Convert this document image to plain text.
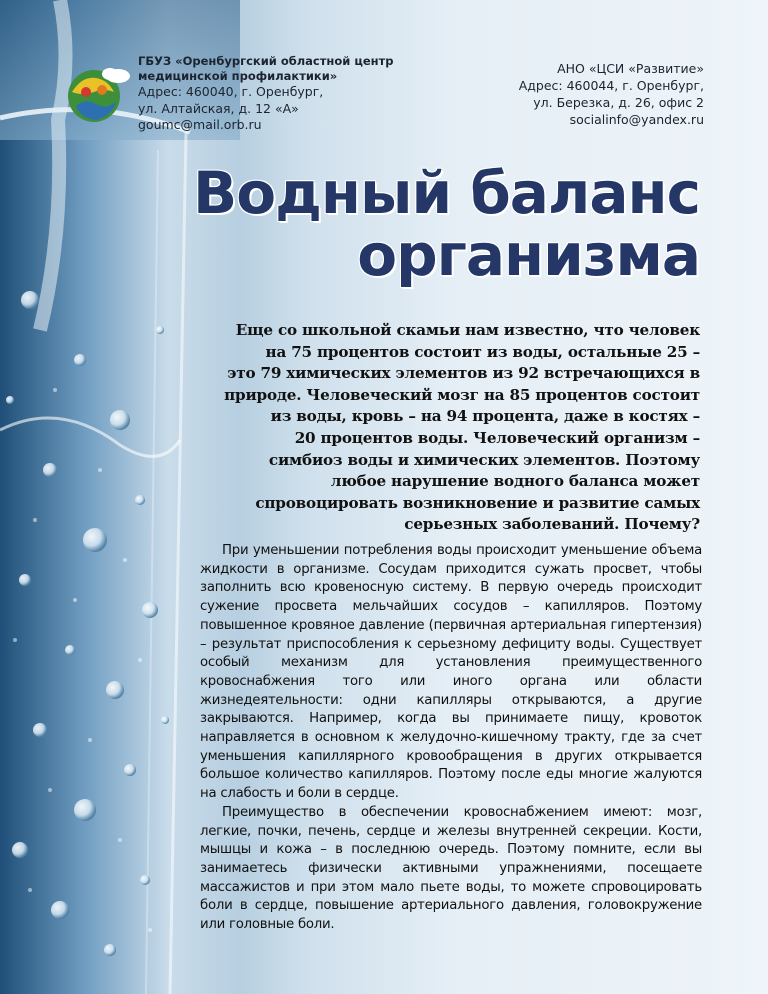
ГБУЗ «Оренбургский областной центр
медицинской профилактики»
Адрес: 460040, г. Оренбург,
ул. Алтайская, д. 12 «А»
goumc@mail.orb.ru
АНО «ЦСИ «Развитие»
Адрес: 460044, г. Оренбург,
ул. Березка, д. 26, офис 2
socialinfo@yandex.ru
Водный баланс
организма
Еще со школьной скамьи нам известно, что человек
на 75 процентов состоит из воды, остальные 25 –
это 79 химических элементов из 92 встречающихся в
природе. Человеческий мозг на 85 процентов состоит
из воды, кровь – на 94 процента, даже в костях –
20 процентов воды. Человеческий организм –
симбиоз воды и химических элементов. Поэтому
любое нарушение водного баланса может
спровоцировать возникновение и развитие самых
серьезных заболеваний. Почему?

При уменьшении потребления воды происходит уменьшение объема жидкости в организме. Сосудам приходится сужать просвет, чтобы заполнить всю кровеносную систему. В первую очередь происходит сужение просвета мельчайших сосудов – капилляров. Поэтому повышенное кровяное давление (первичная артериальная гипертензия) – результат приспособления к серьезному дефициту воды. Существует особый механизм для установления преимущественного кровоснабжения того или иного органа или области жизнедеятельности: одни капилляры открываются, а другие закрываются. Например, когда вы принимаете пищу, кровоток направляется в основном к желудочно-кишечному тракту, где за счет уменьшения капиллярного кровообращения в других открывается большое количество капилляров. Поэтому после еды многие жалуются на слабость и боли в сердце.

Преимущество в обеспечении кровоснабжением имеют: мозг, легкие, почки, печень, сердце и железы внутренней секреции. Кости, мышцы и кожа – в последнюю очередь. Поэтому помните, если вы занимаетесь физически активными упражнениями, посещаете массажистов и при этом мало пьете воды, то можете спровоцировать боли в сердце, повышение артериального давления, головокружение или головные боли.
